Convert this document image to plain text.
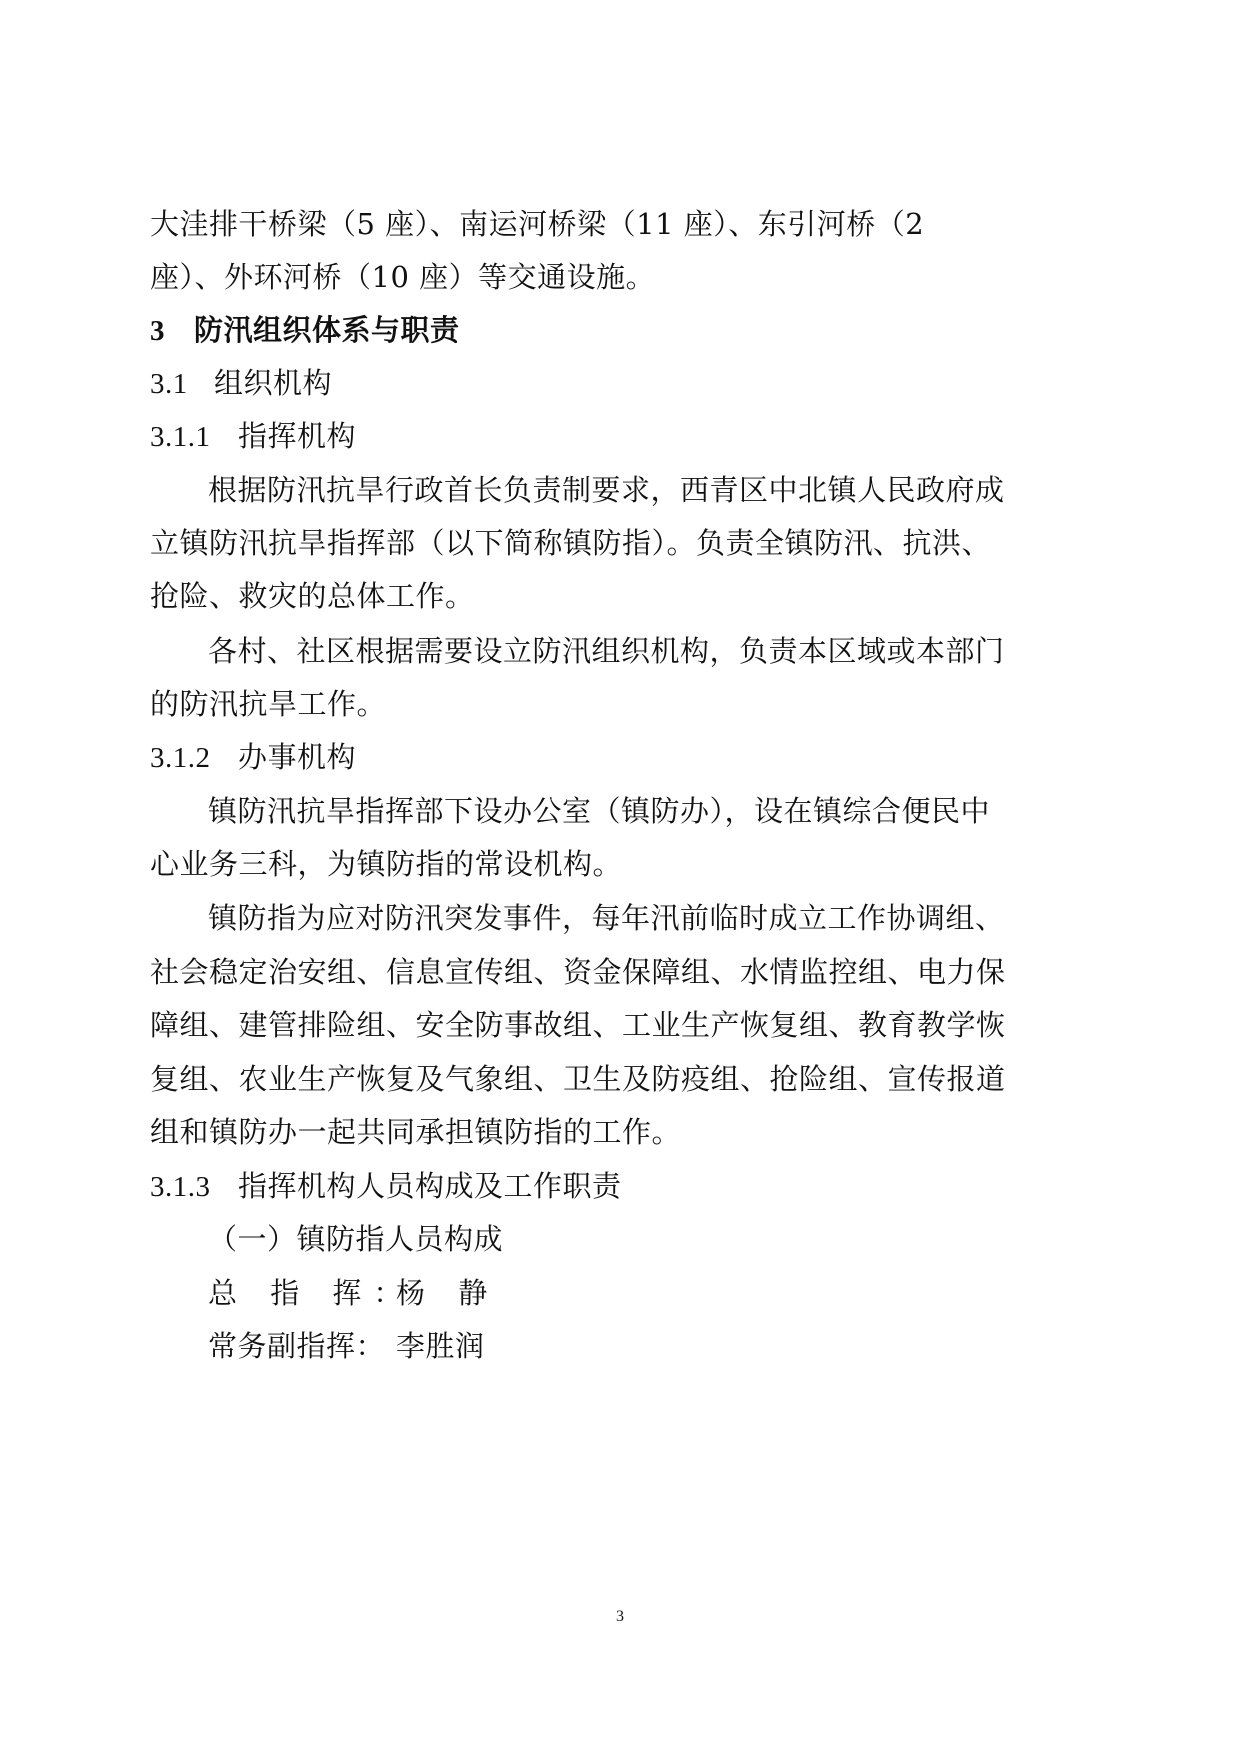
大洼排干桥梁（5 座）、南运河桥梁（11 座）、东引河桥（2
座）、外环河桥（10 座）等交通设施。
3 防汛组织体系与职责
3.1 组织机构
3.1.1 指挥机构
根据防汛抗旱行政首长负责制要求，西青区中北镇人民政府成
立镇防汛抗旱指挥部（以下简称镇防指）。负责全镇防汛、抗洪、
抢险、救灾的总体工作。
各村、社区根据需要设立防汛组织机构，负责本区域或本部门
的防汛抗旱工作。
3.1.2 办事机构
镇防汛抗旱指挥部下设办公室（镇防办），设在镇综合便民中
心业务三科，为镇防指的常设机构。
镇防指为应对防汛突发事件，每年汛前临时成立工作协调组、
社会稳定治安组、信息宣传组、资金保障组、水情监控组、电力保
障组、建管排险组、安全防事故组、工业生产恢复组、教育教学恢
复组、农业生产恢复及气象组、卫生及防疫组、抢险组、宣传报道
组和镇防办一起共同承担镇防指的工作。
3.1.3 指挥机构人员构成及工作职责
（一）镇防指人员构成
总 指 挥：杨 静
常务副指挥： 李胜润
3
